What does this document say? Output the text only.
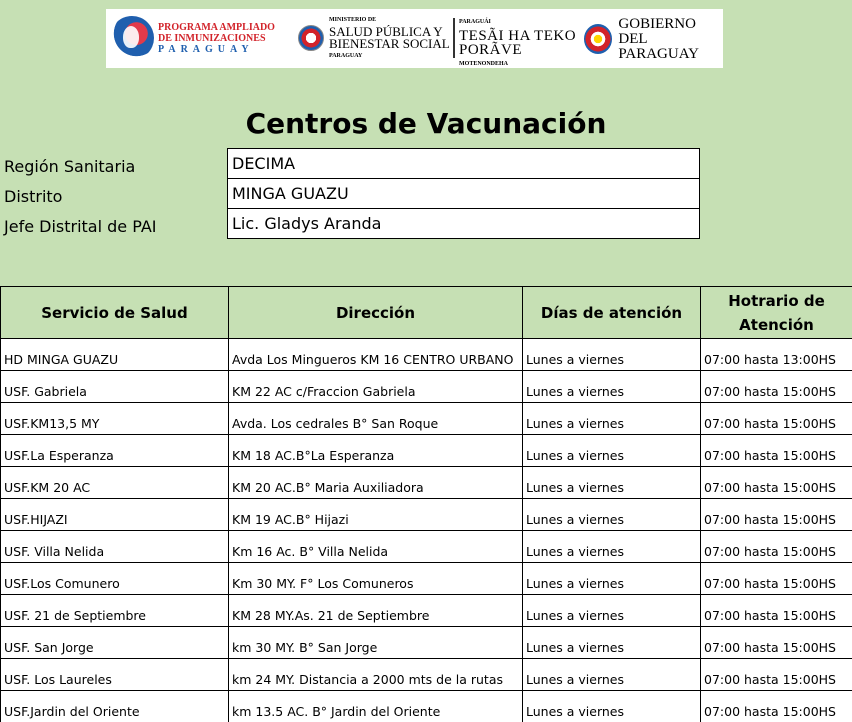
PROGRAMA AMPLIADO
DE INMUNIZACIONES
PARAGUAY
MINISTERIO DE
SALUD PÚBLICA Y
BIENESTAR SOCIAL
PARAGUAY
PARAGUÁI
TESÃI HA TEKO
PORÃVE
MOTENONDEHA
GOBIERNO DEL
PARAGUAY
Centros de Vacunación
Región Sanitaria	DECIMA
Distrito	MINGA GUAZU
Jefe Distrital de PAI	Lic. Gladys Aranda
Servicio de Salud	Dirección	Días de atención	Hotrario de
Atención

HD MINGA GUAZU	Avda Los Mingueros KM 16 CENTRO URBANO	Lunes a viernes	07:00 hasta 13:00HS
USF. Gabriela	KM 22 AC c/Fraccion Gabriela	Lunes a viernes	07:00 hasta 15:00HS
USF.KM13,5 MY	Avda. Los cedrales B° San Roque	Lunes a viernes	07:00 hasta 15:00HS
USF.La Esperanza	KM 18 AC.B°La Esperanza	Lunes a viernes	07:00 hasta 15:00HS
USF.KM 20 AC	KM 20 AC.B° Maria Auxiliadora	Lunes a viernes	07:00 hasta 15:00HS
USF.HIJAZI	KM 19 AC.B° Hijazi	Lunes a viernes	07:00 hasta 15:00HS
USF. Villa Nelida	Km 16 Ac. B° Villa Nelida	Lunes a viernes	07:00 hasta 15:00HS
USF.Los Comunero	Km 30 MY. F° Los Comuneros	Lunes a viernes	07:00 hasta 15:00HS
USF. 21 de Septiembre	KM 28 MY.As. 21 de Septiembre	Lunes a viernes	07:00 hasta 15:00HS
USF. San Jorge	km 30 MY. B° San Jorge	Lunes a viernes	07:00 hasta 15:00HS
USF. Los Laureles	km 24 MY. Distancia a 2000 mts de la rutas	Lunes a viernes	07:00 hasta 15:00HS
USF.Jardin del Oriente	km 13.5 AC. B° Jardin del Oriente	Lunes a viernes	07:00 hasta 15:00HS
